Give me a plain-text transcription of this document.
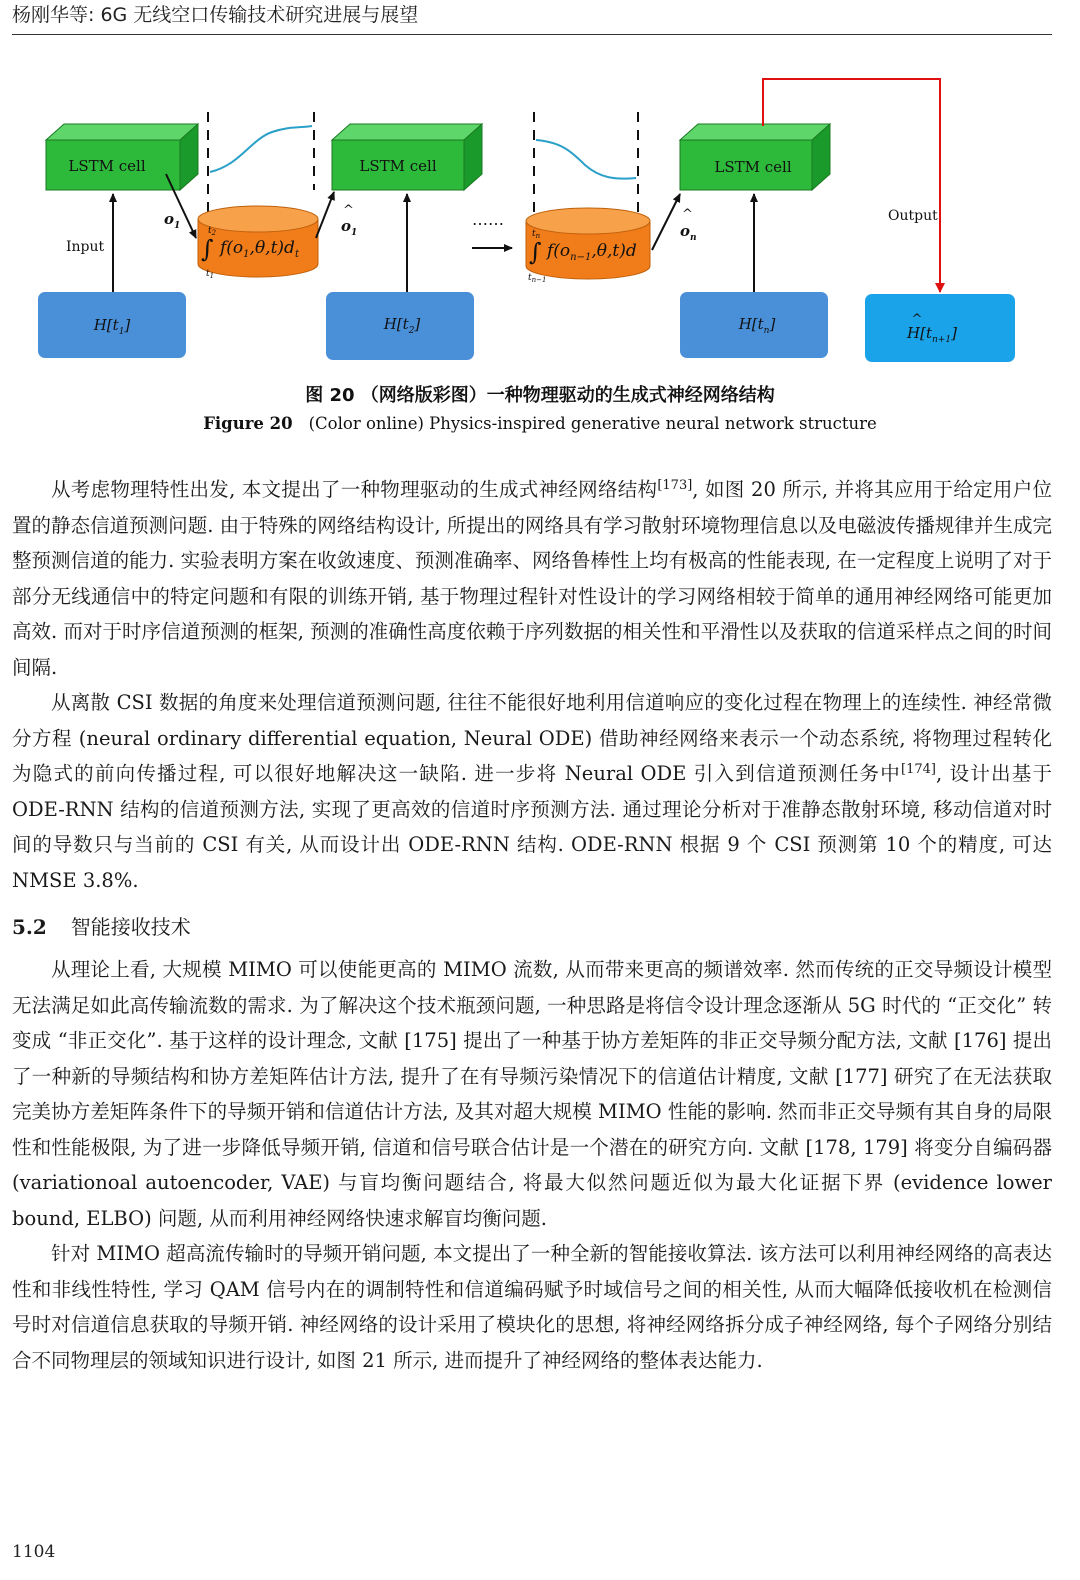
杨刚华等: 6G 无线空口传输技术研究进展与展望
LSTM cell	LSTM cell	LSTM cell
∫
$t_2$
$t_1$
$f(o_1,\theta,t)d_t$	∫
$t_n$
$t_{n-1}$
$f(o_{n-1},\theta,t)d$
$H[t_1]$	$H[t_2]$	$H[t_n]$	^
$H[t_{n+1}]$
Input
Output
……
$o_1$
^
$o_1$
^
$o_n$
图 20 （网络版彩图）一种物理驱动的生成式神经网络结构
Figure 20 (Color online) Physics-inspired generative neural network structure

从考虑物理特性出发, 本文提出了一种物理驱动的生成式神经网络结构[173], 如图 20 所示, 并将其应用于给定用户位置的静态信道预测问题. 由于特殊的网络结构设计, 所提出的网络具有学习散射环境物理信息以及电磁波传播规律并生成完整预测信道的能力. 实验表明方案在收敛速度、预测准确率、网络鲁棒性上均有极高的性能表现, 在一定程度上说明了对于部分无线通信中的特定问题和有限的训练开销, 基于物理过程针对性设计的学习网络相较于简单的通用神经网络可能更加高效. 而对于时序信道预测的框架, 预测的准确性高度依赖于序列数据的相关性和平滑性以及获取的信道采样点之间的时间间隔.

从离散 CSI 数据的角度来处理信道预测问题, 往往不能很好地利用信道响应的变化过程在物理上的连续性. 神经常微分方程 (neural ordinary differential equation, Neural ODE) 借助神经网络来表示一个动态系统, 将物理过程转化为隐式的前向传播过程, 可以很好地解决这一缺陷. 进一步将 Neural ODE 引入到信道预测任务中[174], 设计出基于 ODE-RNN 结构的信道预测方法, 实现了更高效的信道时序预测方法. 通过理论分析对于准静态散射环境, 移动信道对时间的导数只与当前的 CSI 有关, 从而设计出 ODE-RNN 结构. ODE-RNN 根据 9 个 CSI 预测第 10 个的精度, 可达 NMSE 3.8%.

5.2 智能接收技术

从理论上看, 大规模 MIMO 可以使能更高的 MIMO 流数, 从而带来更高的频谱效率. 然而传统的正交导频设计模型无法满足如此高传输流数的需求. 为了解决这个技术瓶颈问题, 一种思路是将信令设计理念逐渐从 5G 时代的 “正交化” 转变成 “非正交化”. 基于这样的设计理念, 文献 [175] 提出了一种基于协方差矩阵的非正交导频分配方法, 文献 [176] 提出了一种新的导频结构和协方差矩阵估计方法, 提升了在有导频污染情况下的信道估计精度, 文献 [177] 研究了在无法获取完美协方差矩阵条件下的导频开销和信道估计方法, 及其对超大规模 MIMO 性能的影响. 然而非正交导频有其自身的局限性和性能极限, 为了进一步降低导频开销, 信道和信号联合估计是一个潜在的研究方向. 文献 [178, 179] 将变分自编码器 (variationoal autoencoder, VAE) 与盲均衡问题结合, 将最大似然问题近似为最大化证据下界 (evidence lower bound, ELBO) 问题, 从而利用神经网络快速求解盲均衡问题.

针对 MIMO 超高流传输时的导频开销问题, 本文提出了一种全新的智能接收算法. 该方法可以利用神经网络的高表达性和非线性特性, 学习 QAM 信号内在的调制特性和信道编码赋予时域信号之间的相关性, 从而大幅降低接收机在检测信号时对信道信息获取的导频开销. 神经网络的设计采用了模块化的思想, 将神经网络拆分成子神经网络, 每个子网络分别结合不同物理层的领域知识进行设计, 如图 21 所示, 进而提升了神经网络的整体表达能力.

1104
